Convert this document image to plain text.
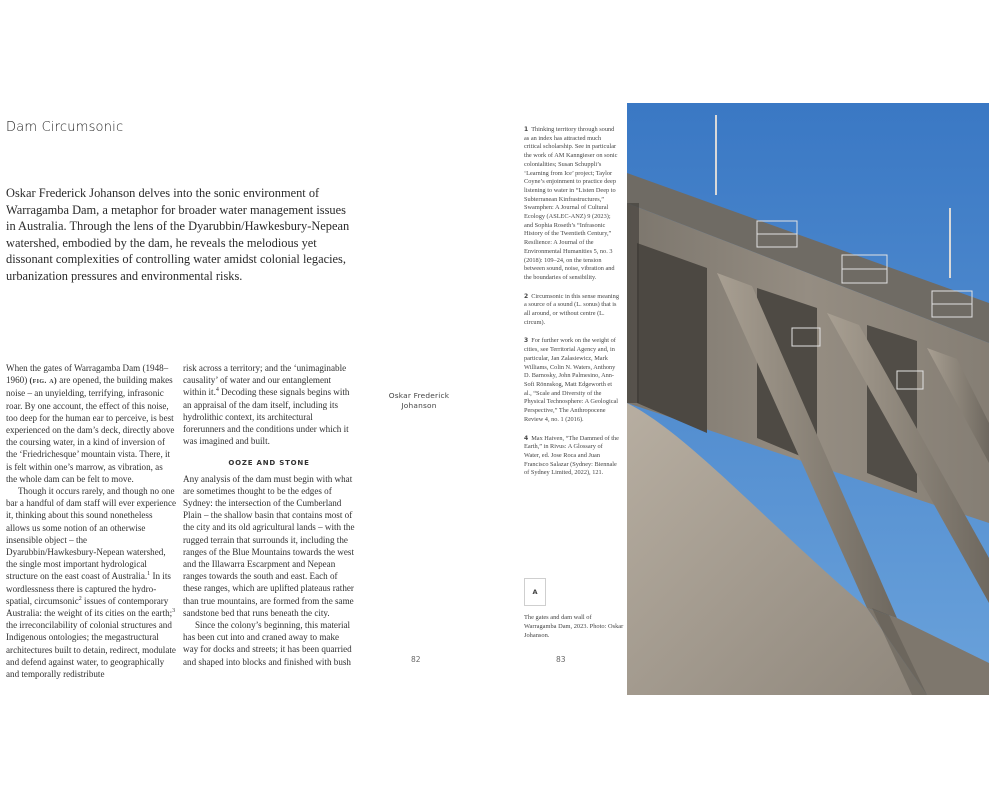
Dam Circumsonic
Oskar Frederick Johanson delves into the sonic environment of Warragamba Dam, a metaphor for broader water management issues in Australia. Through the lens of the Dyarubbin/Hawkesbury-Nepean watershed, embodied by the dam, he reveals the melodious yet dissonant complexities of controlling water amidst colonial legacies, urbanization pressures and environmental risks.

When the gates of Warragamba Dam (1948–1960) (fig. a) are opened, the building makes noise – an unyielding, terrifying, infrasonic roar. By one account, the effect of this noise, too deep for the human ear to perceive, is best experienced on the dam’s deck, directly above the coursing water, in a kind of inversion of the ‘Friedrichesque’ mountain vista. There, it is felt within one’s marrow, as vibration, as the whole dam can be felt to move.

Though it occurs rarely, and though no one bar a handful of dam staff will ever experience it, thinking about this sound nonetheless allows us some notion of an otherwise insensible object – the Dyarubbin/Hawkesbury-Nepean watershed, the single most important hydrological structure on the east coast of Australia.$^1$ In its wordlessness there is captured the hydro-spatial, circumsonic$^2$ issues of contemporary Australia: the weight of its cities on the earth;$^3$ the irreconcilability of colonial structures and Indigenous ontologies; the megastructural architectures built to detain, redirect, modulate and defend against water, to geographically and temporally redistribute

risk across a territory; and the ‘unimaginable causality’ of water and our entanglement within it.$^4$ Decoding these signals begins with an appraisal of the dam itself, including its hydrolithic context, its architectural forerunners and the conditions under which it was imagined and built.

OOZE AND STONE

Any analysis of the dam must begin with what are sometimes thought to be the edges of Sydney: the intersection of the Cumberland Plain – the shallow basin that contains most of the city and its old agricultural lands – with the rugged terrain that surrounds it, including the ranges of the Blue Mountains towards the west and the Illawarra Escarpment and Nepean ranges towards the south and east. Each of these ranges, which are uplifted plateaus rather than true mountains, are formed from the same sandstone bed that runs beneath the city.

Since the colony’s beginning, this material has been cut into and craned away to make way for docks and streets; it has been quarried and shaped into blocks and finished with bush

Oskar Frederick Johanson
82
1 Thinking territory through sound as an index has attracted much critical scholarship. See in particular the work of AM Kanngieser on sonic colonialities; Susan Schuppli’s ‘Learning from Ice’ project; Taylor Coyne’s enjoinment to practice deep listening to water in “Listen Deep to Subterranean Kinfrastructures,” Swamphen: A Journal of Cultural Ecology (ASLEC-ANZ) 9 (2023); and Sophia Roseth’s “Infrasonic History of the Twentieth Century,” Resilience: A Journal of the Environmental Humanities 5, no. 3 (2018): 109–24, on the tension between sound, noise, vibration and the boundaries of sensibility.
2 Circumsonic in this sense meaning a source of a sound (L. sonus) that is all around, or without centre (L. circum).
3 For further work on the weight of cities, see Territorial Agency and, in particular, Jan Zalasiewicz, Mark Williams, Colin N. Waters, Anthony D. Barnosky, John Palmesino, Ann-Sofi Rönnskog, Matt Edgeworth et al., “Scale and Diversity of the Physical Technosphere: A Geological Perspective,” The Anthropocene Review 4, no. 1 (2016).
4 Max Haiven, “The Dammed of the Earth,” in Rivus: A Glossary of Water, ed. Jose Roca and Juan Francisco Salazar (Sydney: Biennale of Sydney Limited, 2022), 121.
A
The gates and dam wall of Warragamba Dam, 2023. Photo: Oskar Johanson.
83
